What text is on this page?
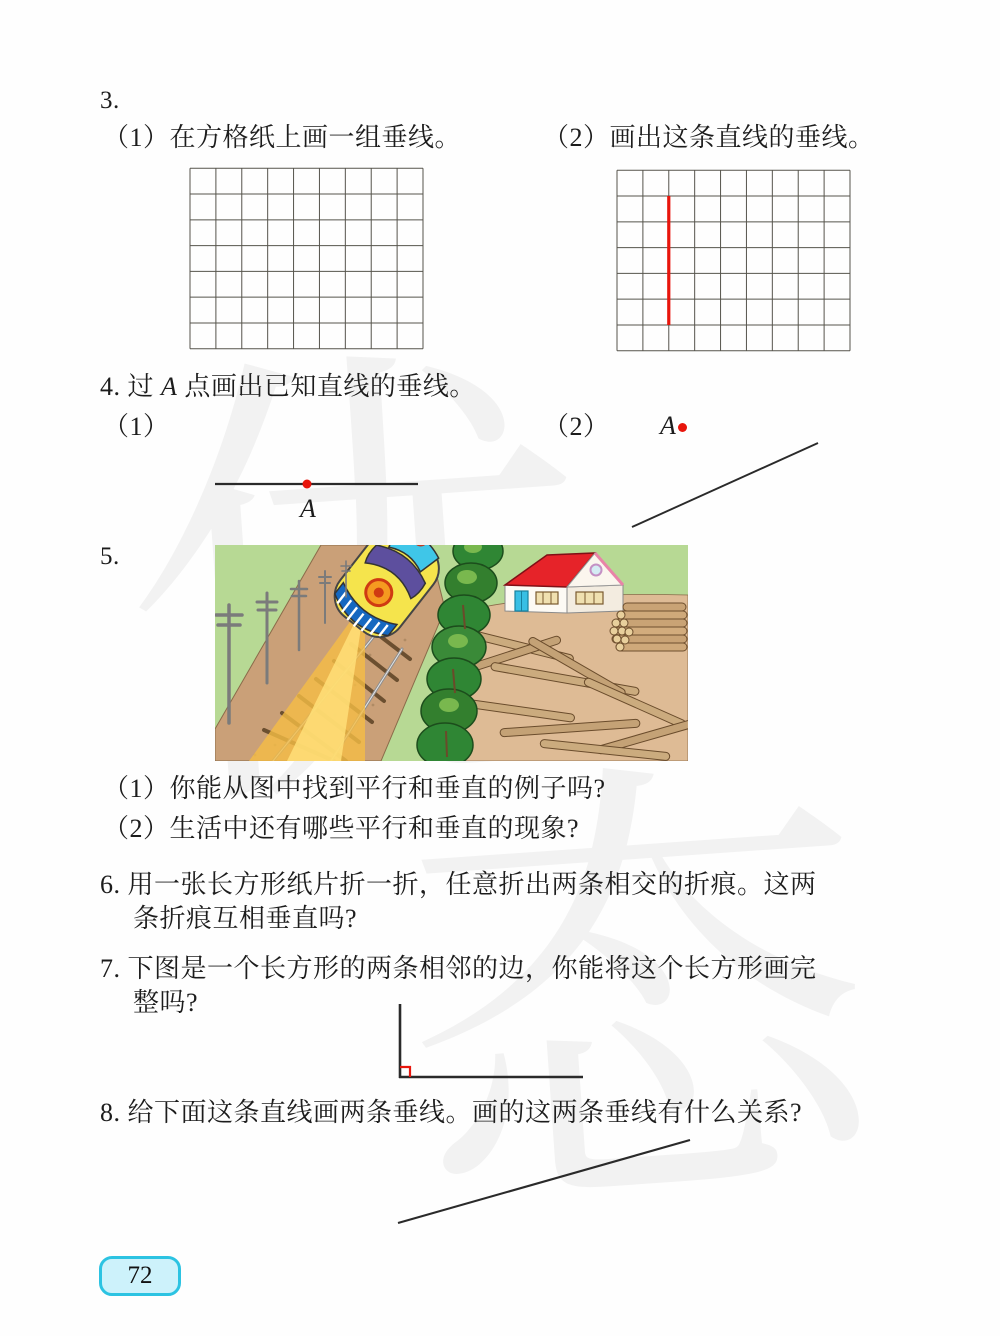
3.
（1）在方格纸上画一组垂线。	（2）画出这条直线的垂线。
4. 过 A 点画出已知直线的垂线。
（1）	（2） A
A
5.
（1）你能从图中找到平行和垂直的例子吗?
（2）生活中还有哪些平行和垂直的现象?
6. 用一张长方形纸片折一折，任意折出两条相交的折痕。这两
条折痕互相垂直吗?
7. 下图是一个长方形的两条相邻的边，你能将这个长方形画完
整吗?
8. 给下面这条直线画两条垂线。画的这两条垂线有什么关系?
72
